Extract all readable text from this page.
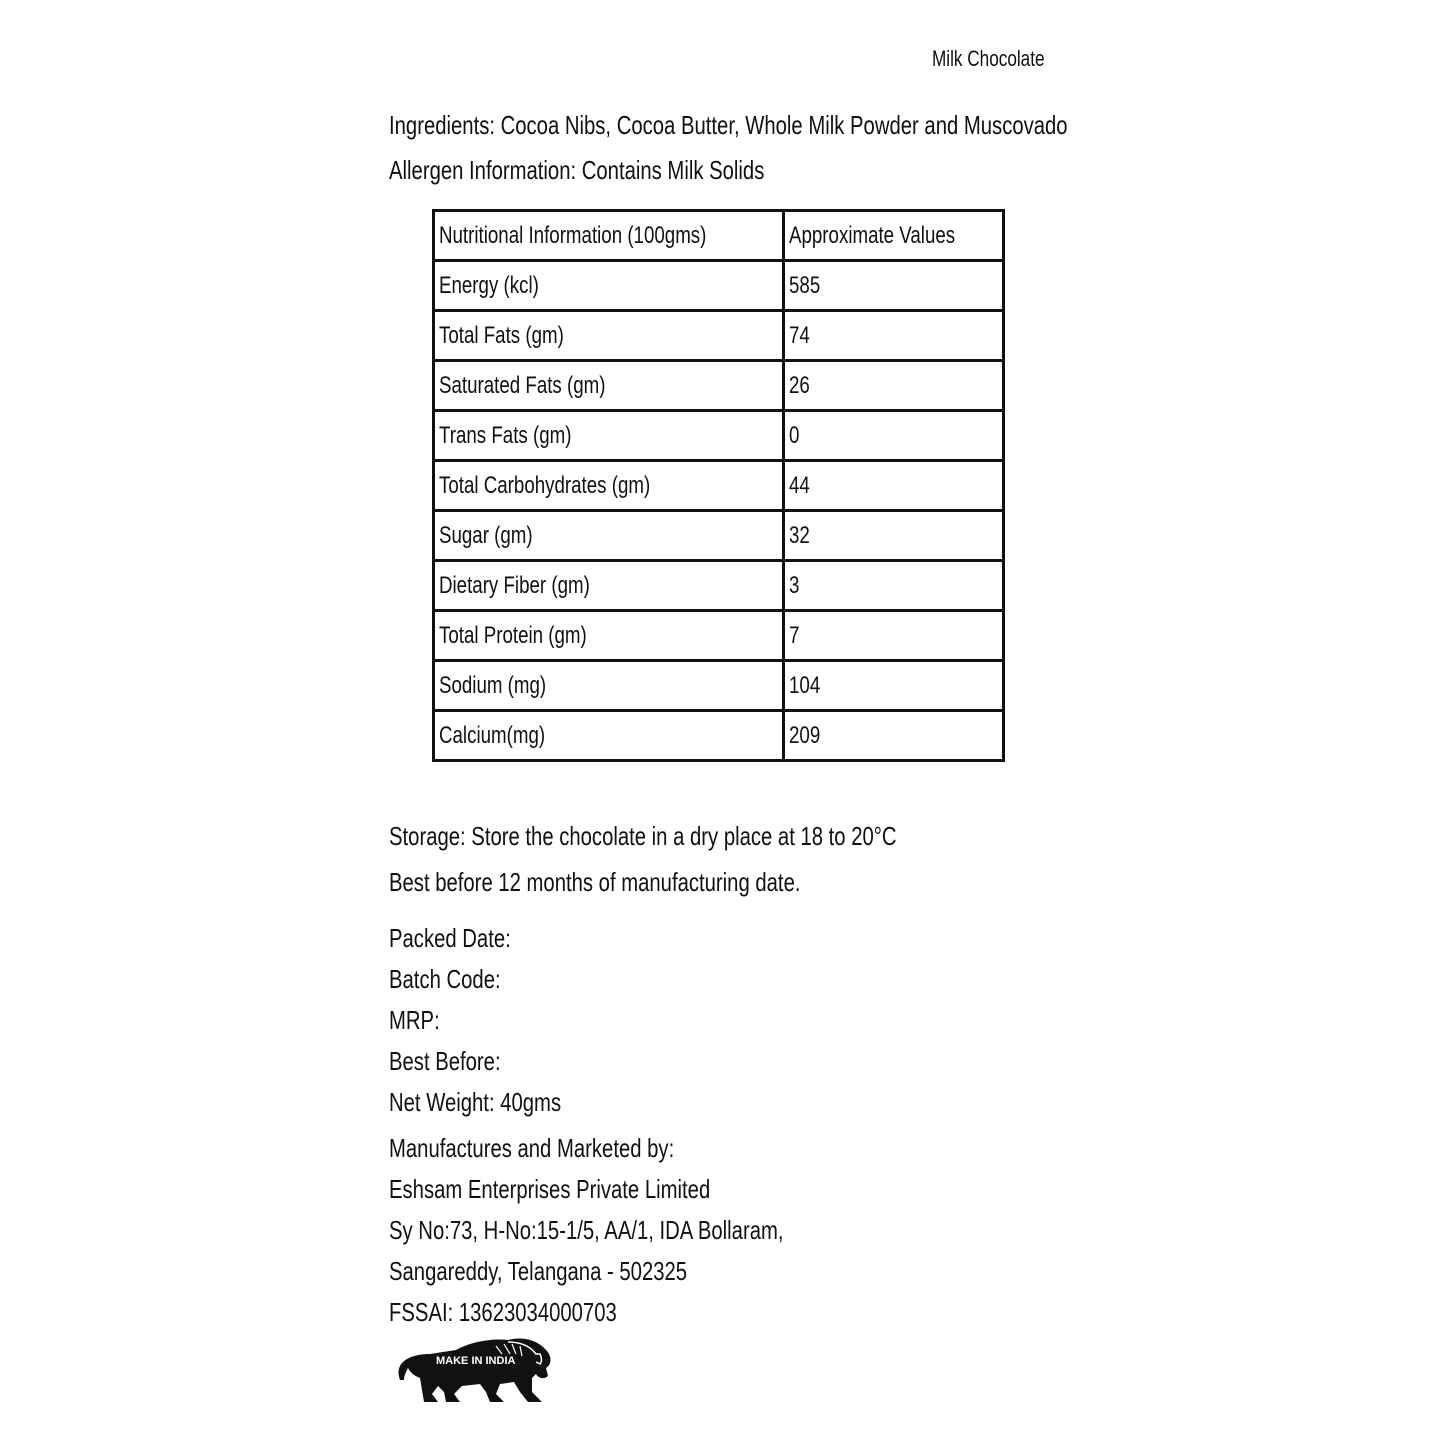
Milk Chocolate
Ingredients: Cocoa Nibs, Cocoa Butter, Whole Milk Powder and Muscovado
Allergen Information: Contains Milk Solids
Nutritional Information (100gms)	Approximate Values
Energy (kcl)	585
Total Fats (gm)	74
Saturated Fats (gm)	26
Trans Fats (gm)	0
Total Carbohydrates (gm)	44
Sugar (gm)	32
Dietary Fiber (gm)	3
Total Protein (gm)	7
Sodium (mg)	104
Calcium(mg)	209
Storage: Store the chocolate in a dry place at 18 to 20°C
Best before 12 months of manufacturing date.
Packed Date:
Batch Code:
MRP:
Best Before:
Net Weight: 40gms
Manufactures and Marketed by:
Eshsam Enterprises Private Limited
Sy No:73, H-No:15-1/5, AA/1, IDA Bollaram,
Sangareddy, Telangana - 502325
FSSAI: 13623034000703
MAKE IN INDIA
